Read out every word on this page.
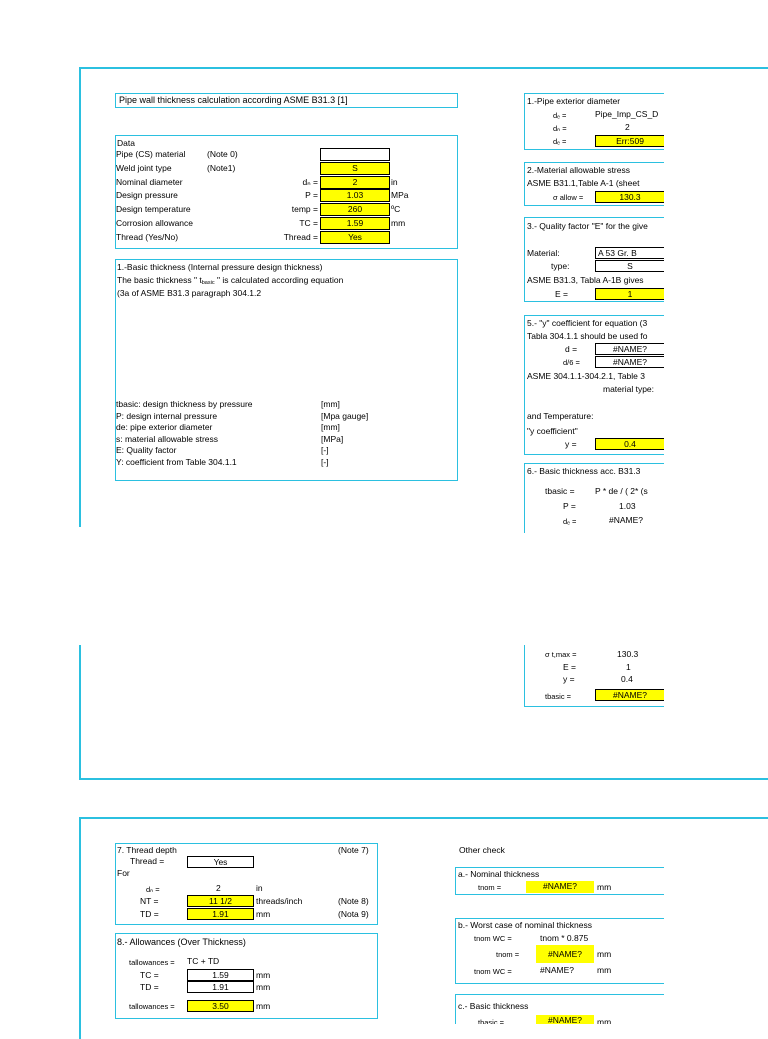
Pipe wall thickness calculation according ASME B31.3 [1]
Data
Pipe (CS) material	(Note 0)
Weld joint type	(Note1)	S
Nominal diameter	dₙ =	2	in
Design pressure	P =	1.03	MPa
Design temperature	temp =	260	ºC
Corrosion allowance	TC =	1.59	mm
Thread (Yes/No)	Thread =	Yes
1.-Basic thickness (Internal pressure design thickness)
The basic thickness " $t_{basic}$ " is calculated according equation
(3a of ASME B31.3 paragraph 304.1.2
tbasic: design thickness by pressure	[mm]
P: design internal pressure	[Mpa gauge]
de: pipe exterior diameter	[mm]
s: material allowable stress	[MPa]
E: Quality factor	[-]
Y: coefficient from Table 304.1.1	[-]
1.-Pipe exterior diameter
dₑ =	Pipe_Imp_CS_D
dₙ =	2
dₑ =	Err:509
2.-Material allowable stress
ASME B31.1,Table A-1 (sheet
σ allow =	130.3
3.- Quality factor "E" for the give
Material:	A 53 Gr. B
type:	S
ASME B31.3, Tabla A-1B gives
E =	1
5.- "y" coefficient for equation (3
Tabla 304.1.1 should be used fo
d =	#NAME?
d/6 =	#NAME?
ASME 304.1.1-304.2.1, Table 3
material type:
and Temperature:
"y coefficient"
y =	0.4
6.- Basic thickness acc. B31.3
tbasic = P * de / ( 2* (s
P =	1.03
dₑ =	#NAME?
σ t,max =	130.3
E =	1
y =	0.4
tbasic =	#NAME?
7. Thread depth	(Note 7)
Thread =	Yes
For
dₙ =	2	in
NT =	11 1/2	threads/inch	(Note 8)
TD =	1.91	mm	(Nota 9)
8.- Allowances (Over Thickness)
tallowances = TC + TD
TC =	1.59	mm
TD =	1.91	mm
tallowances =	3.50	mm
Other check
a.- Nominal thickness
tnom =	#NAME?	mm
b.- Worst case of nominal thickness
tnom WC =	tnom * 0.875
tnom =	#NAME?	mm
tnom WC =	#NAME?	mm
c.- Basic thickness
tbasic =	#NAME?	mm
